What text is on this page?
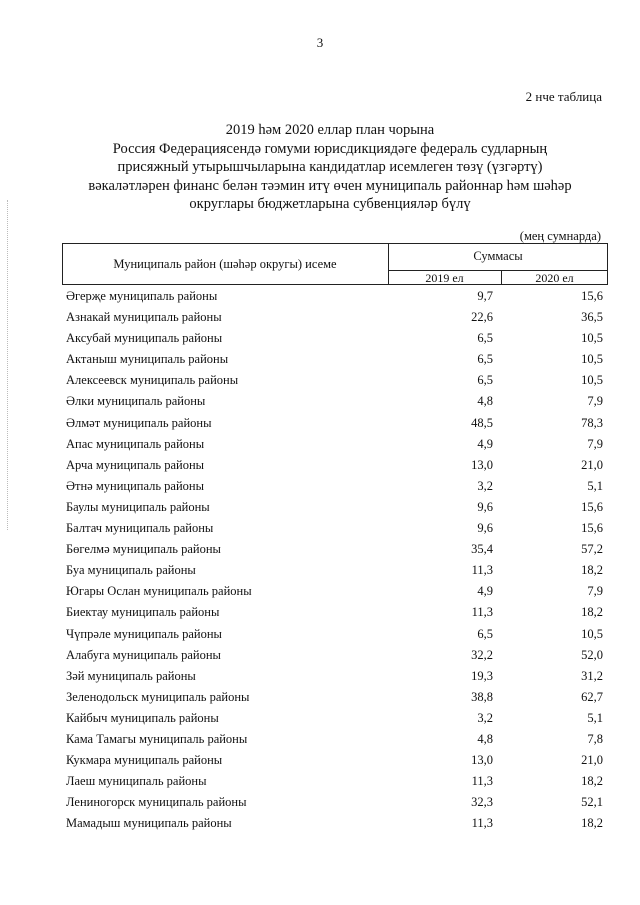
3
2 нче таблица
2019 һәм 2020 еллар план чорына
Россия Федерациясендә гомуми юрисдикциядәге федераль судларның
присяжный утырышчыларына кандидатлар исемлеген төзү (үзгәртү)
вәкаләтләрен финанс белән тәэмин итү өчен муниципаль районнар һәм шәһәр
округлары бюджетларына субвенцияләр бүлү
(мең сумнарда)
Муниципаль район (шәһәр округы) исеме
Суммасы
2019 ел	2020 ел
Әгерҗе муниципаль районы	9,7	15,6
Азнакай муниципаль районы	22,6	36,5
Аксубай муниципаль районы	6,5	10,5
Актаныш муниципаль районы	6,5	10,5
Алексеевск муниципаль районы	6,5	10,5
Әлки муниципаль районы	4,8	7,9
Әлмәт муниципаль районы	48,5	78,3
Апас муниципаль районы	4,9	7,9
Арча муниципаль районы	13,0	21,0
Әтнә муниципаль районы	3,2	5,1
Баулы муниципаль районы	9,6	15,6
Балтач муниципаль районы	9,6	15,6
Бөгелмә муниципаль районы	35,4	57,2
Буа муниципаль районы	11,3	18,2
Югары Ослан муниципаль районы	4,9	7,9
Биектау муниципаль районы	11,3	18,2
Чүпрәле муниципаль районы	6,5	10,5
Алабуга муниципаль районы	32,2	52,0
Зәй муниципаль районы	19,3	31,2
Зеленодольск муниципаль районы	38,8	62,7
Кайбыч муниципаль районы	3,2	5,1
Кама Тамагы муниципаль районы	4,8	7,8
Кукмара муниципаль районы	13,0	21,0
Лаеш муниципаль районы	11,3	18,2
Лениногорск муниципаль районы	32,3	52,1
Мамадыш муниципаль районы	11,3	18,2
